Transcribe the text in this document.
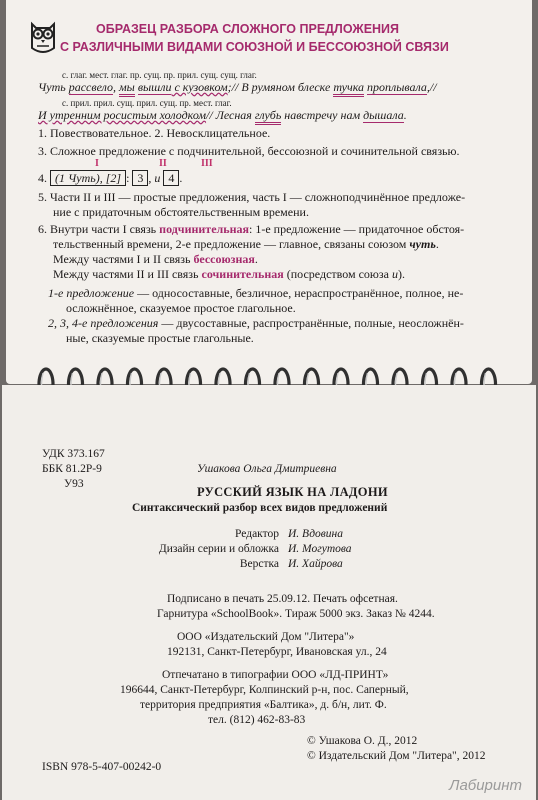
ОБРАЗЕЦ РАЗБОРА СЛОЖНОГО ПРЕДЛОЖЕНИЯ
С РАЗЛИЧНЫМИ ВИДАМИ СОЮЗНОЙ И БЕССОЮЗНОЙ СВЯЗИ
с. глаг. мест. глаг. пр. сущ. пр. прил. сущ. сущ. глаг.
Чуть рассвело, мы вышли с кузовком;// В румяном блеске тучка проплывала,//
с. прил. прил. сущ. прил. сущ. пр. мест. глаг.
И утренним росистым холодком// Лесная глубь навстречу нам дышала.
1. Повествовательное. 2. Невосклицательное.
3. Сложное предложение с подчинительной, бессоюзной и сочинительной связью.
I	II	III
4. (1 Чуть), [2] : 3 , и 4 .
5. Части II и III — простые предложения, часть I — сложноподчинённое предложе-
ние с придаточным обстоятельственным времени.
6. Внутри части I связь подчинительная: 1-е предложение — придаточное обстоя-
тельственный времени, 2-е предложение — главное, связаны союзом чуть.
Между частями I и II связь бессоюзная.
Между частями II и III связь сочинительная (посредством союза и).
1-е предложение — односоставные, безличное, нераспространённое, полное, не-
осложнённое, сказуемое простое глагольное.
2, 3, 4-е предложения — двусоставные, распространённые, полные, неосложнён-
ные, сказуемые простые глагольные.
УДК 373.167
ББК 81.2Р-9
У93
Ушакова Ольга Дмитриевна
РУССКИЙ ЯЗЫК НА ЛАДОНИ
Синтаксический разбор всех видов предложений
Редактор И. Вдовина
Дизайн серии и обложка И. Могутова
Верстка И. Хайрова
Подписано в печать 25.09.12. Печать офсетная.
Гарнитура «SchoolBook». Тираж 5000 экз. Заказ № 4244.
ООО «Издательский Дом "Литера"»
192131, Санкт-Петербург, Ивановская ул., 24
Отпечатано в типографии ООО «ЛД-ПРИНТ»
196644, Санкт-Петербург, Колпинский р-н, пос. Саперный,
территория предприятия «Балтика», д. б/н, лит. Ф.
тел. (812) 462-83-83
© Ушакова О. Д., 2012
© Издательский Дом "Литера", 2012
ISBN 978-5-407-00242-0
Лабиринт
